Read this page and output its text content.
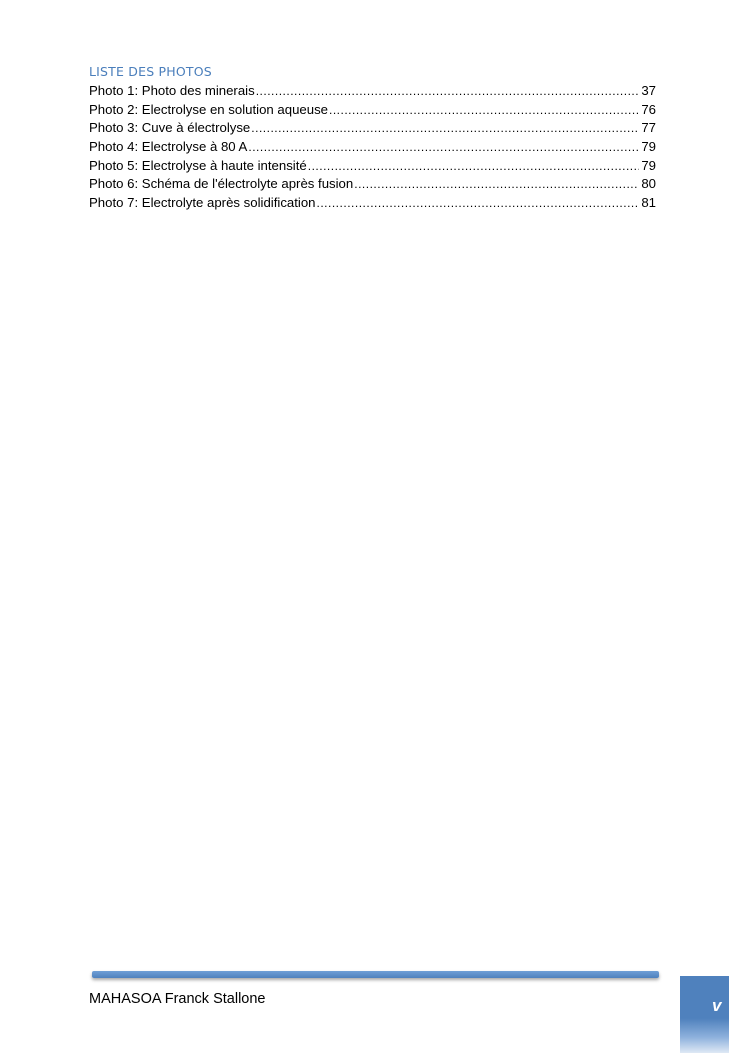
LISTE DES PHOTOS
Photo 1: Photo des minerais .....	37
Photo 2: Electrolyse en solution aqueuse .....	76
Photo 3: Cuve à électrolyse .....	77
Photo 4: Electrolyse à 80 A .....	79
Photo 5: Electrolyse à haute intensité .....	79
Photo 6: Schéma de l'électrolyte après fusion .....	80
Photo 7: Electrolyte après solidification .....	81
MAHASOA Franck Stallone	v
